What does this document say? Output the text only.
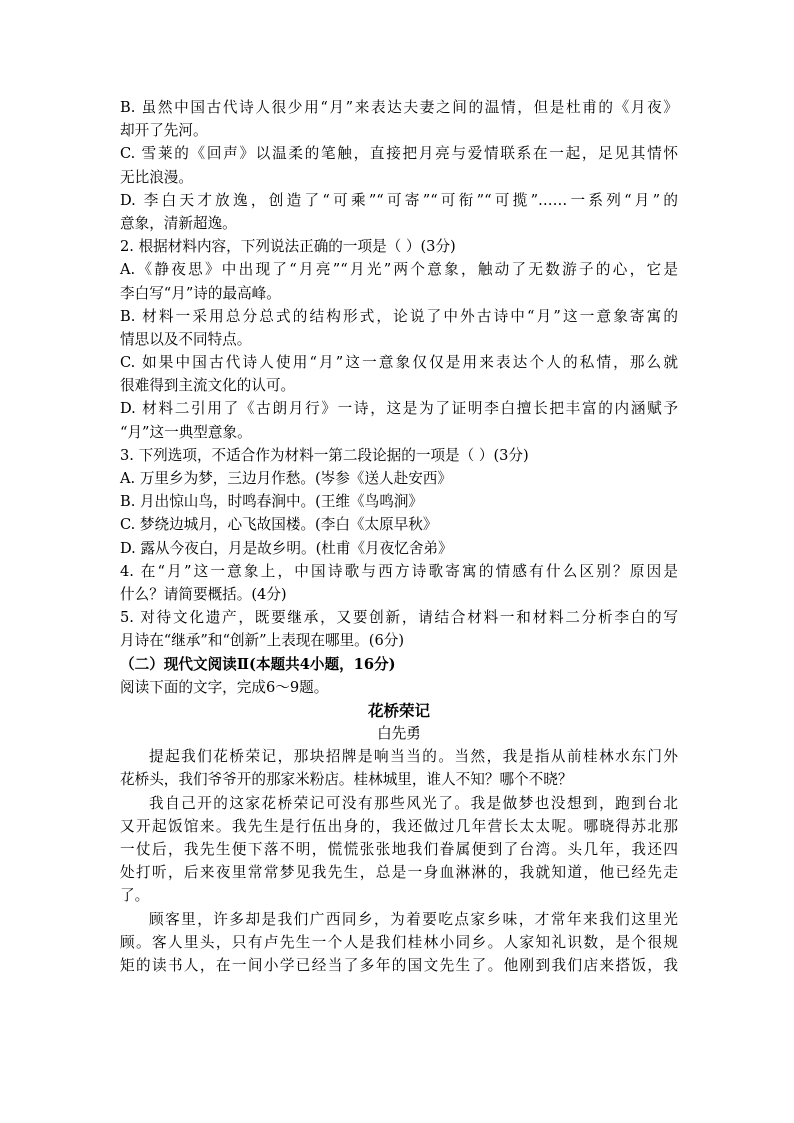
B. 虽然中国古代诗人很少用“月”来表达夫妻之间的温情，但是杜甫的《月夜》
却开了先河。
C. 雪莱的《回声》以温柔的笔触，直接把月亮与爱情联系在一起，足见其情怀
无比浪漫。
D. 李白天才放逸，创造了“可乘”“可寄”“可衔”“可揽”……一系列“月”的
意象，清新超逸。
2. 根据材料内容，下列说法正确的一项是（ ）(3分)
A.《静夜思》中出现了“月亮”“月光”两个意象，触动了无数游子的心，它是
李白写“月”诗的最高峰。
B. 材料一采用总分总式的结构形式，论说了中外古诗中“月”这一意象寄寓的
情思以及不同特点。
C. 如果中国古代诗人使用“月”这一意象仅仅是用来表达个人的私情，那么就
很难得到主流文化的认可。
D. 材料二引用了《古朗月行》一诗，这是为了证明李白擅长把丰富的内涵赋予
“月”这一典型意象。
3. 下列选项，不适合作为材料一第二段论据的一项是（ ）(3分)
A. 万里乡为梦，三边月作愁。(岑参《送人赴安西》
B. 月出惊山鸟，时鸣春涧中。(王维《鸟鸣涧》
C. 梦绕边城月，心飞故国楼。(李白《太原早秋》
D. 露从今夜白，月是故乡明。(杜甫《月夜忆舍弟》
4. 在“月”这一意象上，中国诗歌与西方诗歌寄寓的情感有什么区别？原因是
什么？请简要概括。(4分)
5. 对待文化遗产，既要继承，又要创新，请结合材料一和材料二分析李白的写
月诗在“继承”和“创新”上表现在哪里。(6分)
（二）现代文阅读Ⅱ(本题共4小题，16分)
阅读下面的文字，完成6～9题。
花桥荣记
白先勇
提起我们花桥荣记，那块招牌是响当当的。当然，我是指从前桂林水东门外
花桥头，我们爷爷开的那家米粉店。桂林城里，谁人不知？哪个不晓？
我自己开的这家花桥荣记可没有那些风光了。我是做梦也没想到，跑到台北
又开起饭馆来。我先生是行伍出身的，我还做过几年营长太太呢。哪晓得苏北那
一仗后，我先生便下落不明，慌慌张张地我们眷属便到了台湾。头几年，我还四
处打听，后来夜里常常梦见我先生，总是一身血淋淋的，我就知道，他已经先走
了。
顾客里，许多却是我们广西同乡，为着要吃点家乡味，才常年来我们这里光
顾。客人里头，只有卢先生一个人是我们桂林小同乡。人家知礼识数，是个很规
矩的读书人，在一间小学已经当了多年的国文先生了。他刚到我们店来搭饭，我
